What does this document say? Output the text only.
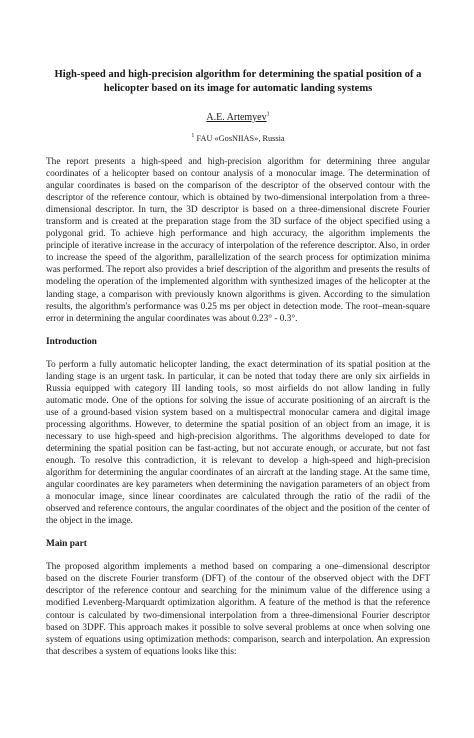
High-speed and high-precision algorithm for determining the spatial position of a helicopter based on its image for automatic landing systems
A.E. Artemyev$^1$
$^1$ FAU «GosNIIAS», Russia

The report presents a high-speed and high-precision algorithm for determining three angular coordinates of a helicopter based on contour analysis of a monocular image. The determination of angular coordinates is based on the comparison of the descriptor of the observed contour with the descriptor of the reference contour, which is obtained by two-dimensional interpolation from a three-dimensional descriptor. In turn, the 3D descriptor is based on a three-dimensional discrete Fourier transform and is created at the preparation stage from the 3D surface of the object specified using a polygonal grid. To achieve high performance and high accuracy, the algorithm implements the principle of iterative increase in the accuracy of interpolation of the reference descriptor. Also, in order to increase the speed of the algorithm, parallelization of the search process for optimization minima was performed. The report also provides a brief description of the algorithm and presents the results of modeling the operation of the implemented algorithm with synthesized images of the helicopter at the landing stage, a comparison with previously known algorithms is given. According to the simulation results, the algorithm's performance was 0.25 ms per object in detection mode. The root–mean-square error in determining the angular coordinates was about 0.23° - 0.3°.

Introduction

To perform a fully automatic helicopter landing, the exact determination of its spatial position at the landing stage is an urgent task. In particular, it can be noted that today there are only six airfields in Russia equipped with category III landing tools, so most airfields do not allow landing in fully automatic mode. One of the options for solving the issue of accurate positioning of an aircraft is the use of a ground-based vision system based on a multispectral monocular camera and digital image processing algorithms. However, to determine the spatial position of an object from an image, it is necessary to use high-speed and high-precision algorithms. The algorithms developed to date for determining the spatial position can be fast-acting, but not accurate enough, or accurate, but not fast enough. To resolve this contradiction, it is relevant to develop a high-speed and high-precision algorithm for determining the angular coordinates of an aircraft at the landing stage. At the same time, angular coordinates are key parameters when determining the navigation parameters of an object from a monocular image, since linear coordinates are calculated through the ratio of the radii of the observed and reference contours, the angular coordinates of the object and the position of the center of the object in the image.

Main part

The proposed algorithm implements a method based on comparing a one–dimensional descriptor based on the discrete Fourier transform (DFT) of the contour of the observed object with the DFT descriptor of the reference contour and searching for the minimum value of the difference using a modified Levenberg-Marquardt optimization algorithm. A feature of the method is that the reference contour is calculated by two-dimensional interpolation from a three-dimensional Fourier descriptor based on 3DPF. This approach makes it possible to solve several problems at once when solving one system of equations using optimization methods: comparison, search and interpolation. An expression that describes a system of equations looks like this:
